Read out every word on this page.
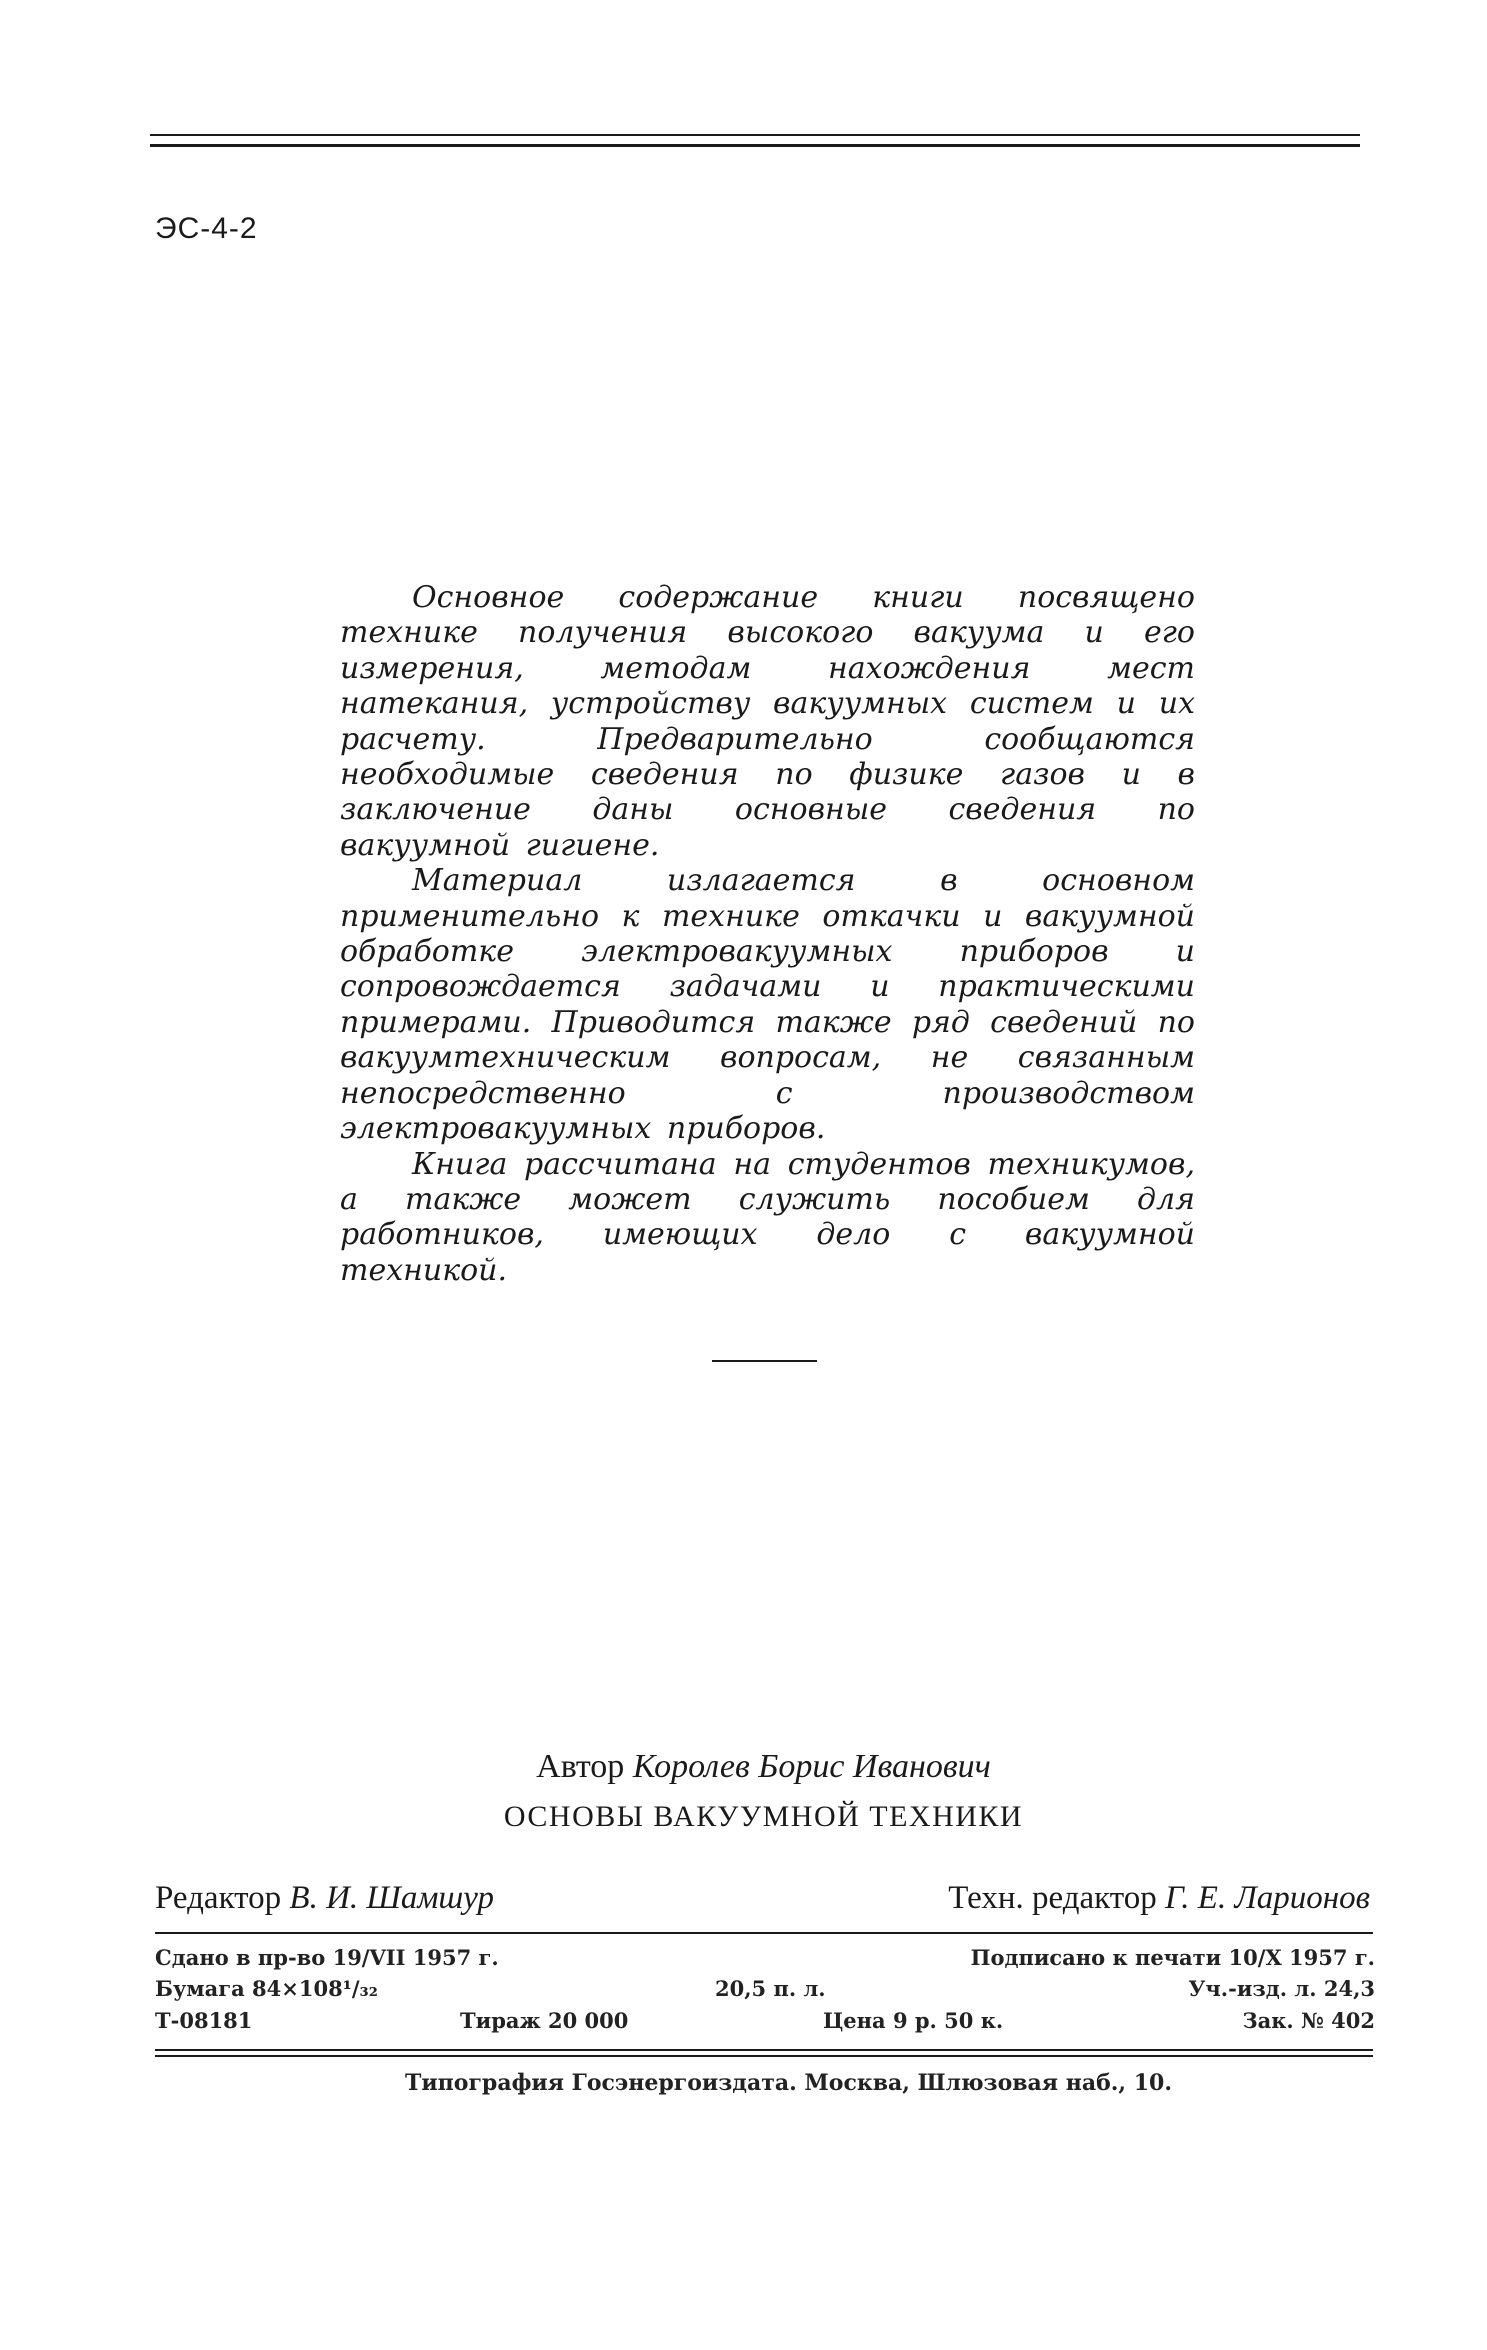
ЭС-4-2

Основное содержание книги посвящено технике получения высокого вакуума и его измерения, методам нахождения мест натекания, устройству вакуумных систем и их расчету. Предварительно сообщаются необходимые сведения по физике газов и в заключение даны основные сведения по вакуумной гигиене.

Материал излагается в основном применительно к технике откачки и вакуумной обработке электровакуумных приборов и сопровождается задачами и практическими примерами. Приводится также ряд сведений по вакуумтехническим вопросам, не связанным непосредственно с производством электровакуумных приборов.

Книга рассчитана на студентов техникумов, а также может служить пособием для работников, имеющих дело с вакуумной техникой.

Автор Королев Борис Иванович
ОСНОВЫ ВАКУУМНОЙ ТЕХНИКИ
Редактор В. И. Шамшур	Техн. редактор Г. Е. Ларионов
Сдано в пр-во 19/VII 1957 г.	Подписано к печати 10/X 1957 г.
Бумага 84×108¹/₃₂	20,5 п. л.	Уч.-изд. л. 24,3
Т-08181	Тираж 20 000	Цена 9 р. 50 к.	Зак. № 402
Типография Госэнергоиздата. Москва, Шлюзовая наб., 10.
